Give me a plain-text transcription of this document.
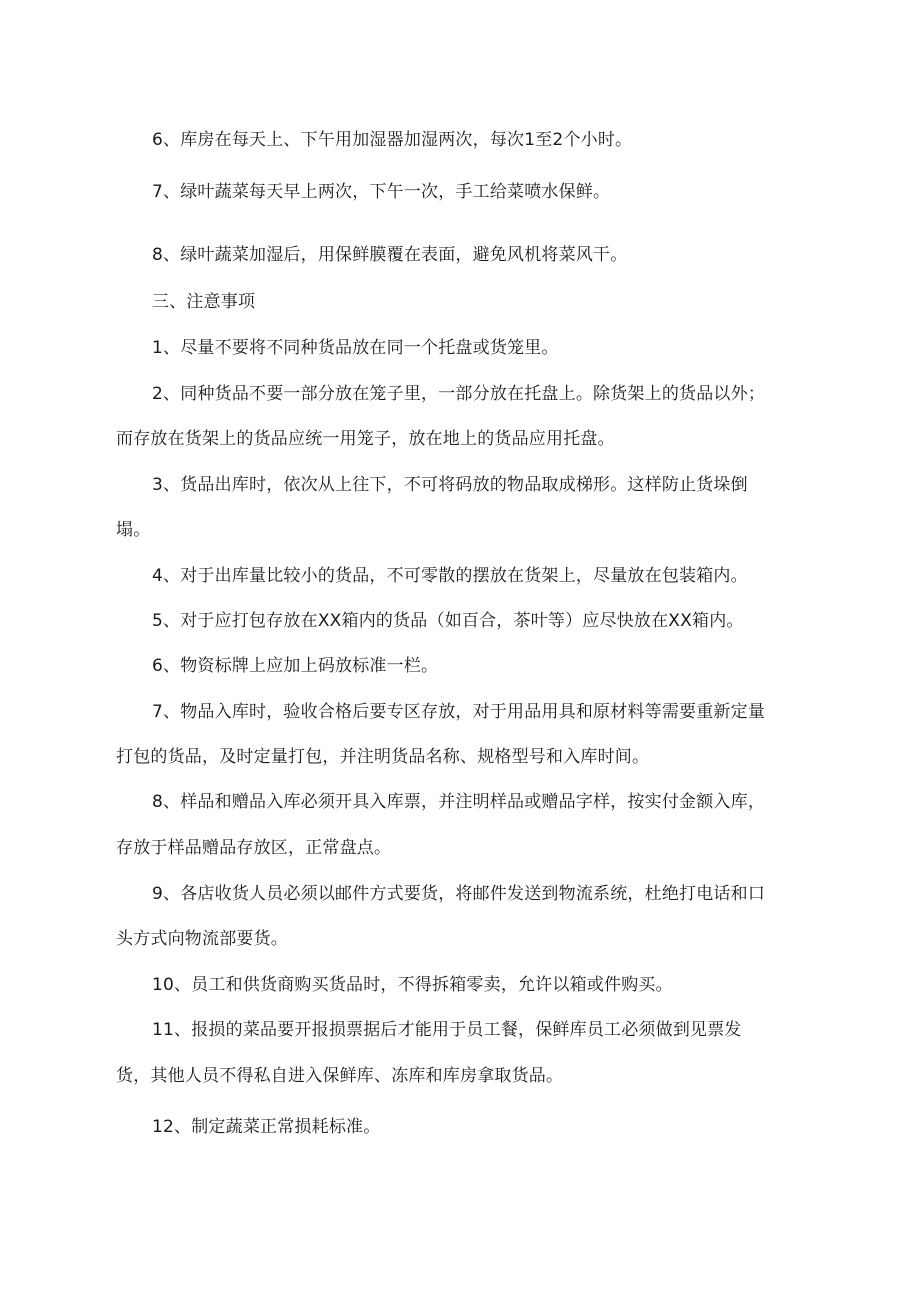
6、库房在每天上、下午用加湿器加湿两次，每次1至2个小时。
7、绿叶蔬菜每天早上两次，下午一次，手工给菜喷水保鲜。
8、绿叶蔬菜加湿后，用保鲜膜覆在表面，避免风机将菜风干。
三、注意事项
1、尽量不要将不同种货品放在同一个托盘或货笼里。
2、同种货品不要一部分放在笼子里，一部分放在托盘上。除货架上的货品以外；
而存放在货架上的货品应统一用笼子，放在地上的货品应用托盘。
3、货品出库时，依次从上往下，不可将码放的物品取成梯形。这样防止货垛倒
塌。
4、对于出库量比较小的货品，不可零散的摆放在货架上，尽量放在包装箱内。
5、对于应打包存放在XX箱内的货品（如百合，茶叶等）应尽快放在XX箱内。
6、物资标牌上应加上码放标准一栏。
7、物品入库时，验收合格后要专区存放，对于用品用具和原材料等需要重新定量
打包的货品，及时定量打包，并注明货品名称、规格型号和入库时间。
8、样品和赠品入库必须开具入库票，并注明样品或赠品字样，按实付金额入库，
存放于样品赠品存放区，正常盘点。
9、各店收货人员必须以邮件方式要货，将邮件发送到物流系统，杜绝打电话和口
头方式向物流部要货。
10、员工和供货商购买货品时，不得拆箱零卖，允许以箱或件购买。
11、报损的菜品要开报损票据后才能用于员工餐，保鲜库员工必须做到见票发
货，其他人员不得私自进入保鲜库、冻库和库房拿取货品。
12、制定蔬菜正常损耗标准。
